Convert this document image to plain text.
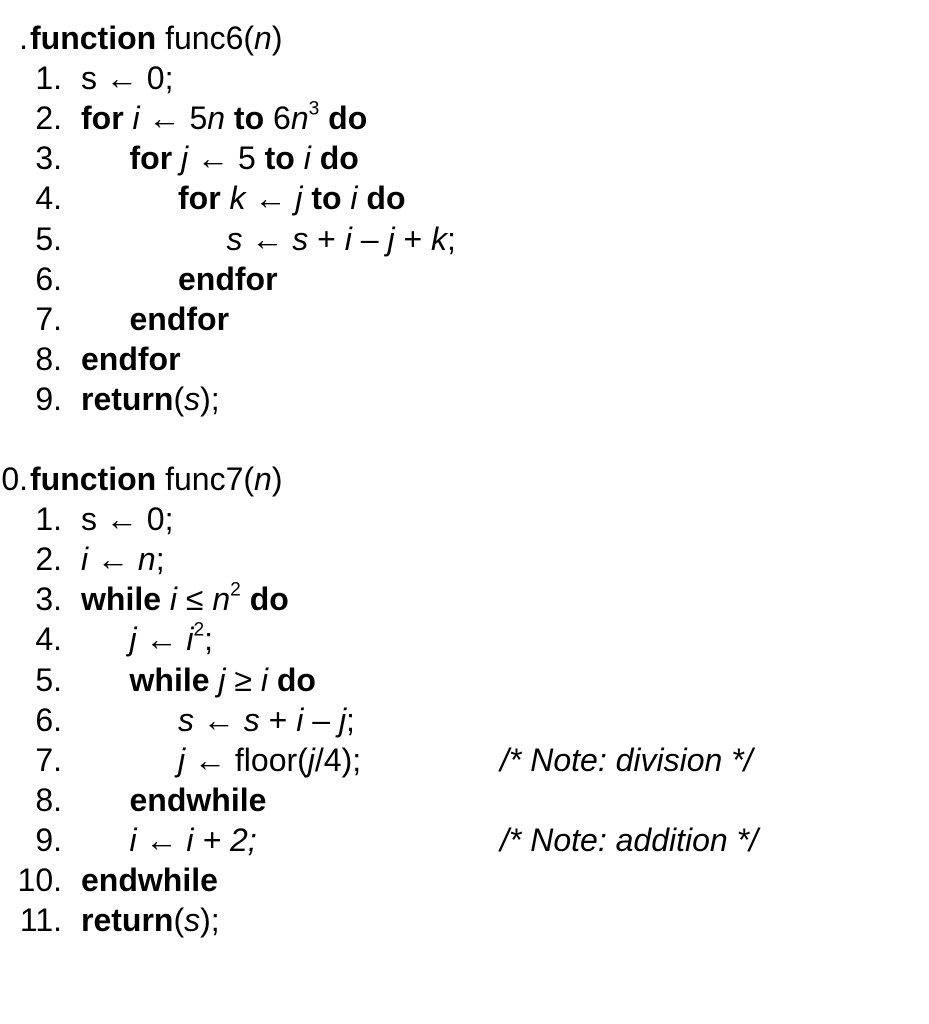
. function func6(n)
1. s ← 0;
2. for i ← 5n to $6n^3$ do
3. for j ← 5 to i do
4.	for k ← j to i do
5.	s ← s + i – j + k;
6.	endfor
7. endfor
8. endfor
9. return(s);
0. function func7(n)
1. s ← 0;
2. i ← n;
3. while $i \le n^2$ do
4. j ← $i^2$;
5. while j ≥ i do
6.	s ← s + i – j;
7.	j ← floor(j/4);	/* Note: division */
8. endwhile
9. i ← i + 2;	/* Note: addition */
10. endwhile
11. return(s);
